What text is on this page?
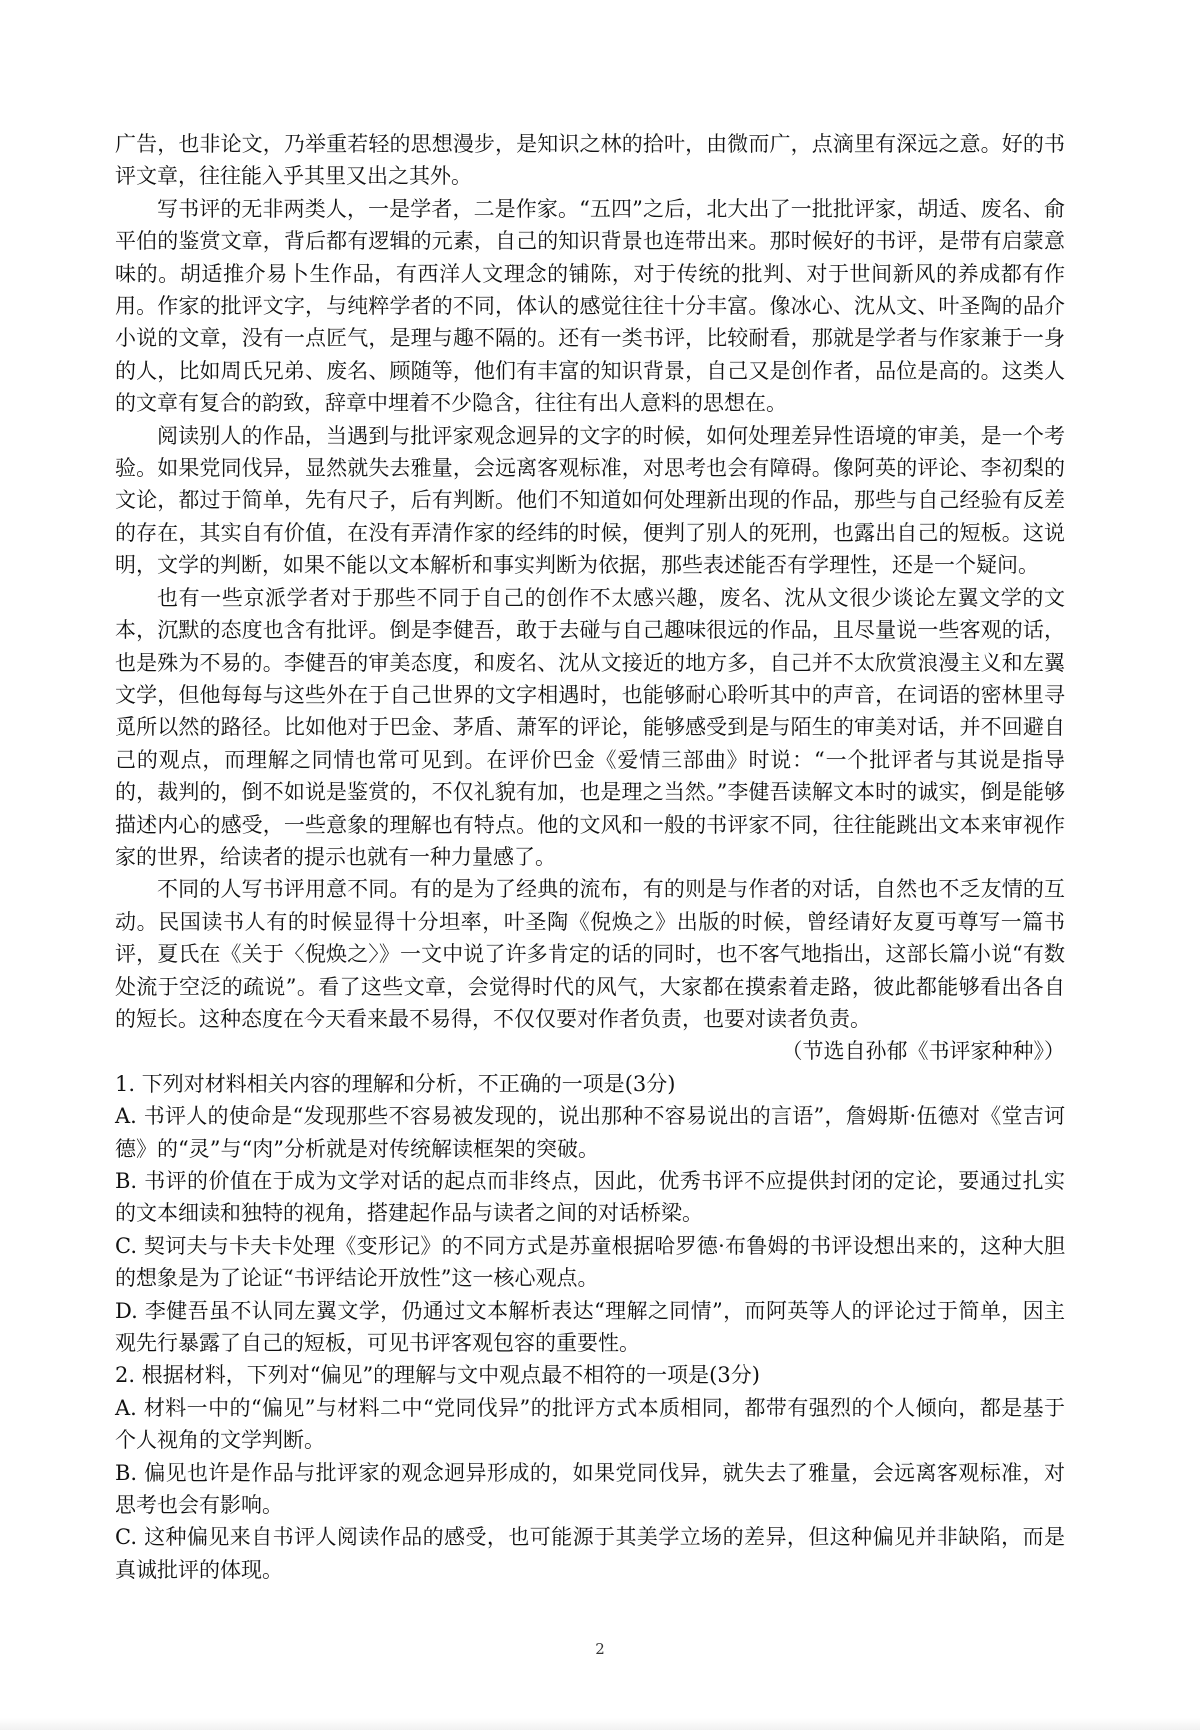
广告，也非论文，乃举重若轻的思想漫步，是知识之林的拾叶，由微而广，点滴里有深远之意。好的书评文章，往往能入乎其里又出之其外。

写书评的无非两类人，一是学者，二是作家。“五四”之后，北大出了一批批评家，胡适、废名、俞平伯的鉴赏文章，背后都有逻辑的元素，自己的知识背景也连带出来。那时候好的书评，是带有启蒙意味的。胡适推介易卜生作品，有西洋人文理念的铺陈，对于传统的批判、对于世间新风的养成都有作用。作家的批评文字，与纯粹学者的不同，体认的感觉往往十分丰富。像冰心、沈从文、叶圣陶的品介小说的文章，没有一点匠气，是理与趣不隔的。还有一类书评，比较耐看，那就是学者与作家兼于一身的人，比如周氏兄弟、废名、顾随等，他们有丰富的知识背景，自己又是创作者，品位是高的。这类人的文章有复合的韵致，辞章中埋着不少隐含，往往有出人意料的思想在。

阅读别人的作品，当遇到与批评家观念迥异的文字的时候，如何处理差异性语境的审美，是一个考验。如果党同伐异，显然就失去雅量，会远离客观标准，对思考也会有障碍。像阿英的评论、李初梨的文论，都过于简单，先有尺子，后有判断。他们不知道如何处理新出现的作品，那些与自己经验有反差的存在，其实自有价值，在没有弄清作家的经纬的时候，便判了别人的死刑，也露出自己的短板。这说明，文学的判断，如果不能以文本解析和事实判断为依据，那些表述能否有学理性，还是一个疑问。

也有一些京派学者对于那些不同于自己的创作不太感兴趣，废名、沈从文很少谈论左翼文学的文本，沉默的态度也含有批评。倒是李健吾，敢于去碰与自己趣味很远的作品，且尽量说一些客观的话，也是殊为不易的。李健吾的审美态度，和废名、沈从文接近的地方多，自己并不太欣赏浪漫主义和左翼文学，但他每每与这些外在于自己世界的文字相遇时，也能够耐心聆听其中的声音，在词语的密林里寻觅所以然的路径。比如他对于巴金、茅盾、萧军的评论，能够感受到是与陌生的审美对话，并不回避自己的观点，而理解之同情也常可见到。在评价巴金《爱情三部曲》时说：“一个批评者与其说是指导的，裁判的，倒不如说是鉴赏的，不仅礼貌有加，也是理之当然。”李健吾读解文本时的诚实，倒是能够描述内心的感受，一些意象的理解也有特点。他的文风和一般的书评家不同，往往能跳出文本来审视作家的世界，给读者的提示也就有一种力量感了。

不同的人写书评用意不同。有的是为了经典的流布，有的则是与作者的对话，自然也不乏友情的互动。民国读书人有的时候显得十分坦率，叶圣陶《倪焕之》出版的时候，曾经请好友夏丏尊写一篇书评，夏氏在《关于〈倪焕之〉》一文中说了许多肯定的话的同时，也不客气地指出，这部长篇小说“有数处流于空泛的疏说”。看了这些文章，会觉得时代的风气，大家都在摸索着走路，彼此都能够看出各自的短长。这种态度在今天看来最不易得，不仅仅要对作者负责，也要对读者负责。

（节选自孙郁《书评家种种》）

1. 下列对材料相关内容的理解和分析，不正确的一项是(3分)

A. 书评人的使命是“发现那些不容易被发现的，说出那种不容易说出的言语”，詹姆斯·伍德对《堂吉诃德》的“灵”与“肉”分析就是对传统解读框架的突破。

B. 书评的价值在于成为文学对话的起点而非终点，因此，优秀书评不应提供封闭的定论，要通过扎实的文本细读和独特的视角，搭建起作品与读者之间的对话桥梁。

C. 契诃夫与卡夫卡处理《变形记》的不同方式是苏童根据哈罗德·布鲁姆的书评设想出来的，这种大胆的想象是为了论证“书评结论开放性”这一核心观点。

D. 李健吾虽不认同左翼文学，仍通过文本解析表达“理解之同情”，而阿英等人的评论过于简单，因主观先行暴露了自己的短板，可见书评客观包容的重要性。

2. 根据材料，下列对“偏见”的理解与文中观点最不相符的一项是(3分)

A. 材料一中的“偏见”与材料二中“党同伐异”的批评方式本质相同，都带有强烈的个人倾向，都是基于个人视角的文学判断。

B. 偏见也许是作品与批评家的观念迥异形成的，如果党同伐异，就失去了雅量，会远离客观标准，对思考也会有影响。

C. 这种偏见来自书评人阅读作品的感受，也可能源于其美学立场的差异，但这种偏见并非缺陷，而是真诚批评的体现。

2
